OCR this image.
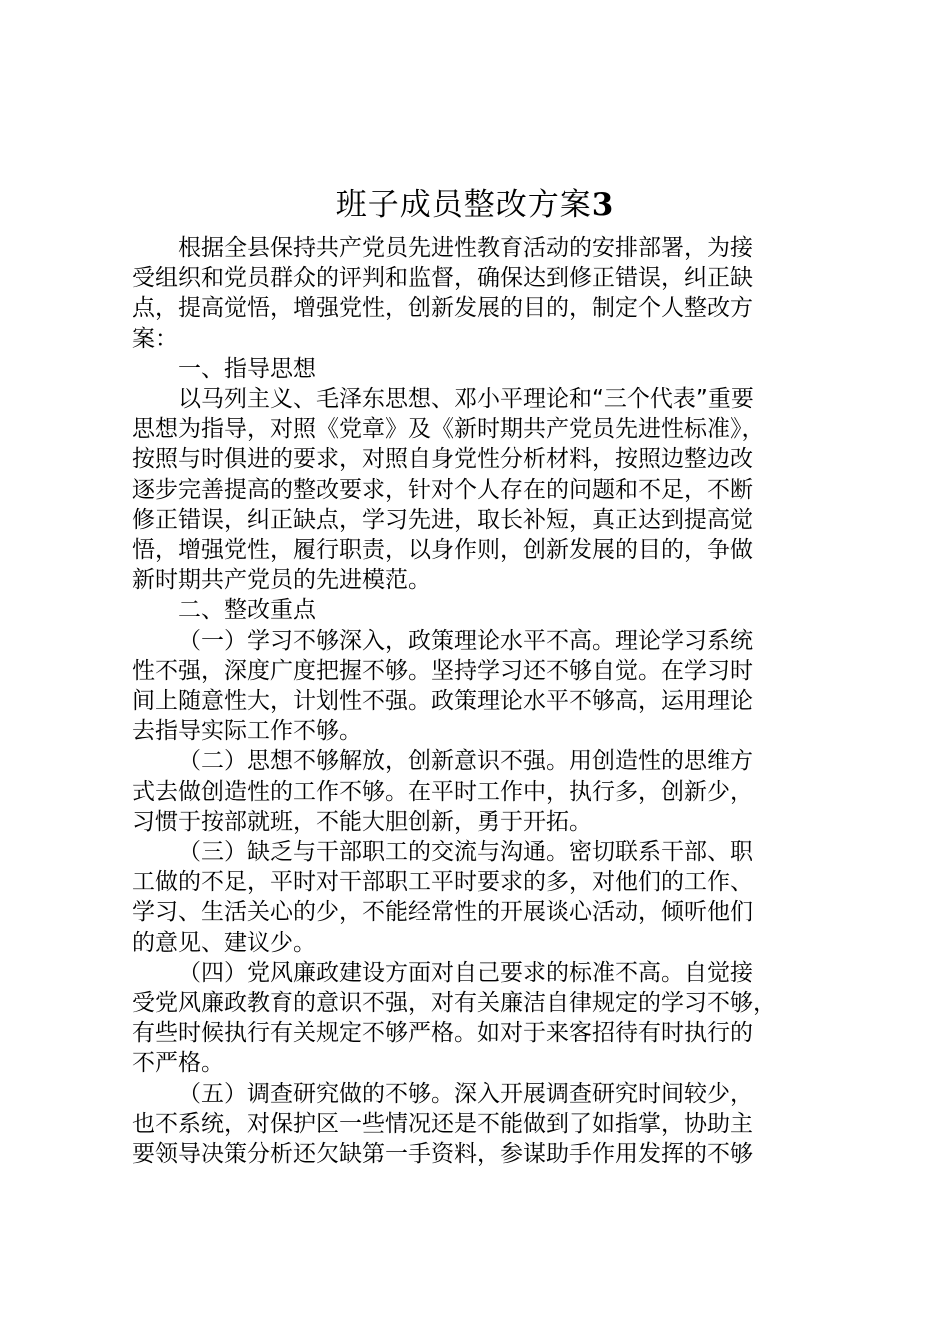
班子成员整改方案3

根据全县保持共产党员先进性教育活动的安排部署，为接
受组织和党员群众的评判和监督，确保达到修正错误，纠正缺
点，提高觉悟，增强党性，创新发展的目的，制定个人整改方
案：

一、指导思想

以马列主义、毛泽东思想、邓小平理论和“三个代表”重要
思想为指导，对照《党章》及《新时期共产党员先进性标准》，
按照与时俱进的要求，对照自身党性分析材料，按照边整边改
逐步完善提高的整改要求，针对个人存在的问题和不足，不断
修正错误，纠正缺点，学习先进，取长补短，真正达到提高觉
悟，增强党性，履行职责，以身作则，创新发展的目的，争做
新时期共产党员的先进模范。

二、整改重点

（一）学习不够深入，政策理论水平不高。理论学习系统
性不强，深度广度把握不够。坚持学习还不够自觉。在学习时
间上随意性大，计划性不强。政策理论水平不够高，运用理论
去指导实际工作不够。

（二）思想不够解放，创新意识不强。用创造性的思维方
式去做创造性的工作不够。在平时工作中，执行多，创新少，
习惯于按部就班，不能大胆创新，勇于开拓。

（三）缺乏与干部职工的交流与沟通。密切联系干部、职
工做的不足，平时对干部职工平时要求的多，对他们的工作、
学习、生活关心的少，不能经常性的开展谈心活动，倾听他们
的意见、建议少。

（四）党风廉政建设方面对自己要求的标准不高。自觉接
受党风廉政教育的意识不强，对有关廉洁自律规定的学习不够，
有些时候执行有关规定不够严格。如对于来客招待有时执行的
不严格。

（五）调查研究做的不够。深入开展调查研究时间较少，
也不系统，对保护区一些情况还是不能做到了如指掌，协助主
要领导决策分析还欠缺第一手资料，参谋助手作用发挥的不够
